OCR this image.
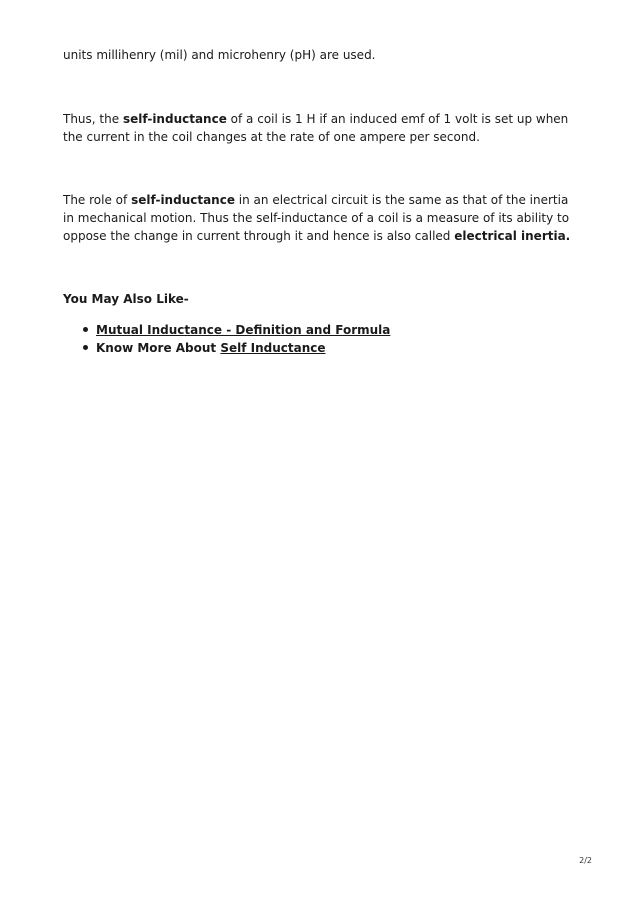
units millihenry (mil) and microhenry (pH) are used.

Thus, the self-inductance of a coil is 1 H if an induced emf of 1 volt is set up when the current in the coil changes at the rate of one ampere per second.

The role of self-inductance in an electrical circuit is the same as that of the inertia in mechanical motion. Thus the self-inductance of a coil is a measure of its ability to oppose the change in current through it and hence is also called electrical inertia.

You May Also Like-

Mutual Inductance - Definition and Formula
Know More About Self Inductance
2/2
